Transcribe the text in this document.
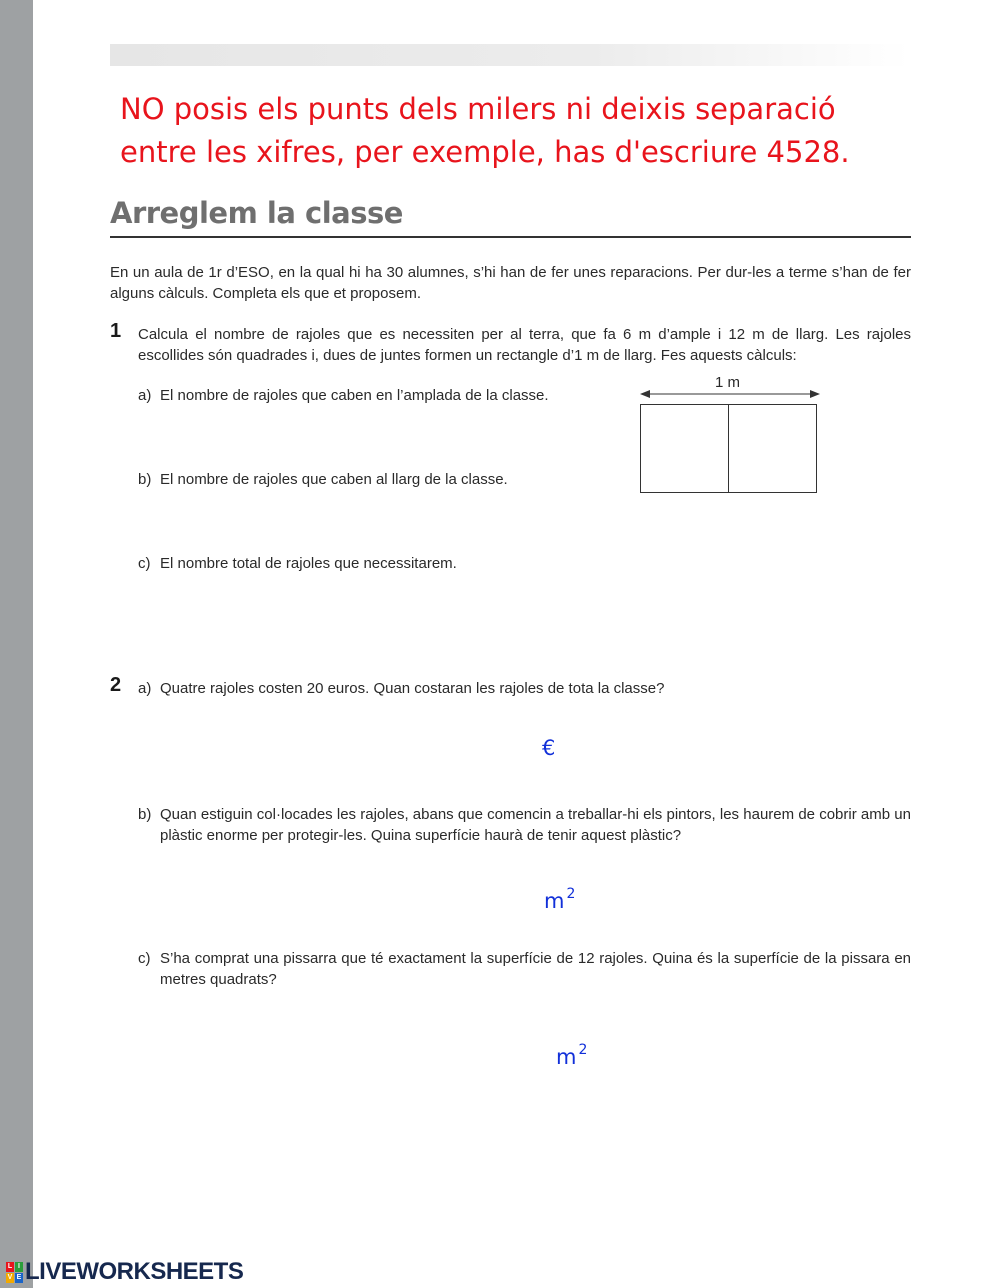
NO posis els punts dels milers ni deixis separació
entre les xifres, per exemple, has d'escriure 4528.
Arreglem la classe
En un aula de 1r d’ESO, en la qual hi ha 30 alumnes, s’hi han de fer unes reparacions. Per dur-les a terme s’han de fer alguns càlculs. Completa els que et proposem.
1 Calcula el nombre de rajoles que es necessiten per al terra, que fa 6 m d’ample i 12 m de llarg. Les rajoles escollides són quadrades i, dues de juntes formen un rectangle d’1 m de llarg. Fes aquests càlculs:
a) El nombre de rajoles que caben en l’amplada de la classe.
b) El nombre de rajoles que caben al llarg de la classe.
c) El nombre total de rajoles que necessitarem.
1 m
2 a) Quatre rajoles costen 20 euros. Quan costaran les rajoles de tota la classe?
€
b) Quan estiguin col·locades les rajoles, abans que comencin a treballar-hi els pintors, les haurem de cobrir amb un plàstic enorme per protegir-les. Quina superfície haurà de tenir aquest plàstic?
m $^2$
c) S’ha comprat una pissarra que té exactament la superfície de 12 rajoles. Quina és la superfície de la pissara en metres quadrats?
m $^2$
L I
V E LIVEWORKSHEETS
